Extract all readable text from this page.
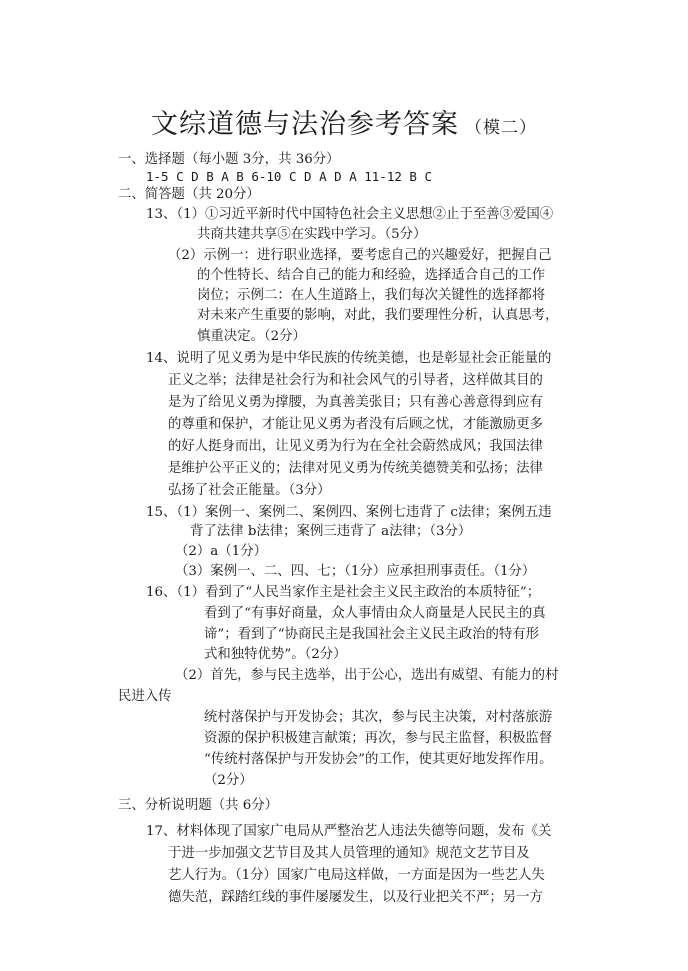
文综道德与法治参考答案 （模二）
一、选择题（每小题 3分，共 36分）
1-5 C D B A B 6-10 C D A D A 11-12 B C
二、简答题（共 20分）
13、（1）①习近平新时代中国特色社会主义思想②止于至善③爱国④
共商共建共享⑤在实践中学习。（5分）
（2）示例一：进行职业选择，要考虑自己的兴趣爱好，把握自己
的个性特长、结合自己的能力和经验，选择适合自己的工作
岗位；示例二：在人生道路上，我们每次关键性的选择都将
对未来产生重要的影响，对此，我们要理性分析，认真思考，
慎重决定。（2分）
14、说明了见义勇为是中华民族的传统美德，也是彰显社会正能量的
正义之举；法律是社会行为和社会风气的引导者，这样做其目的
是为了给见义勇为撑腰，为真善美张目；只有善心善意得到应有
的尊重和保护，才能让见义勇为者没有后顾之忧，才能激励更多
的好人挺身而出，让见义勇为行为在全社会蔚然成风；我国法律
是维护公平正义的；法律对见义勇为传统美德赞美和弘扬；法律
弘扬了社会正能量。（3分）
15、（1）案例一、案例二、案例四、案例七违背了 c法律；案例五违
背了法律 b法律；案例三违背了 a法律；（3分）
（2）a（1分）
（3）案例一、二、四、七；（1分）应承担刑事责任。（1分）
16、（1）看到了“人民当家作主是社会主义民主政治的本质特征”；
看到了“有事好商量，众人事情由众人商量是人民民主的真
谛”；看到了“协商民主是我国社会主义民主政治的特有形
式和独特优势”。（2分）
（2）首先，参与民主选举，出于公心，选出有威望、有能力的村
民进入传
统村落保护与开发协会；其次，参与民主决策，对村落旅游
资源的保护积极建言献策；再次，参与民主监督，积极监督
“传统村落保护与开发协会”的工作，使其更好地发挥作用。
（2分）
三、分析说明题（共 6分）
17、材料体现了国家广电局从严整治艺人违法失德等问题，发布《关
于进一步加强文艺节目及其人员管理的通知》规范文艺节目及
艺人行为。（1分）国家广电局这样做，一方面是因为一些艺人失
德失范，踩踏红线的事件屡屡发生，以及行业把关不严；另一方
